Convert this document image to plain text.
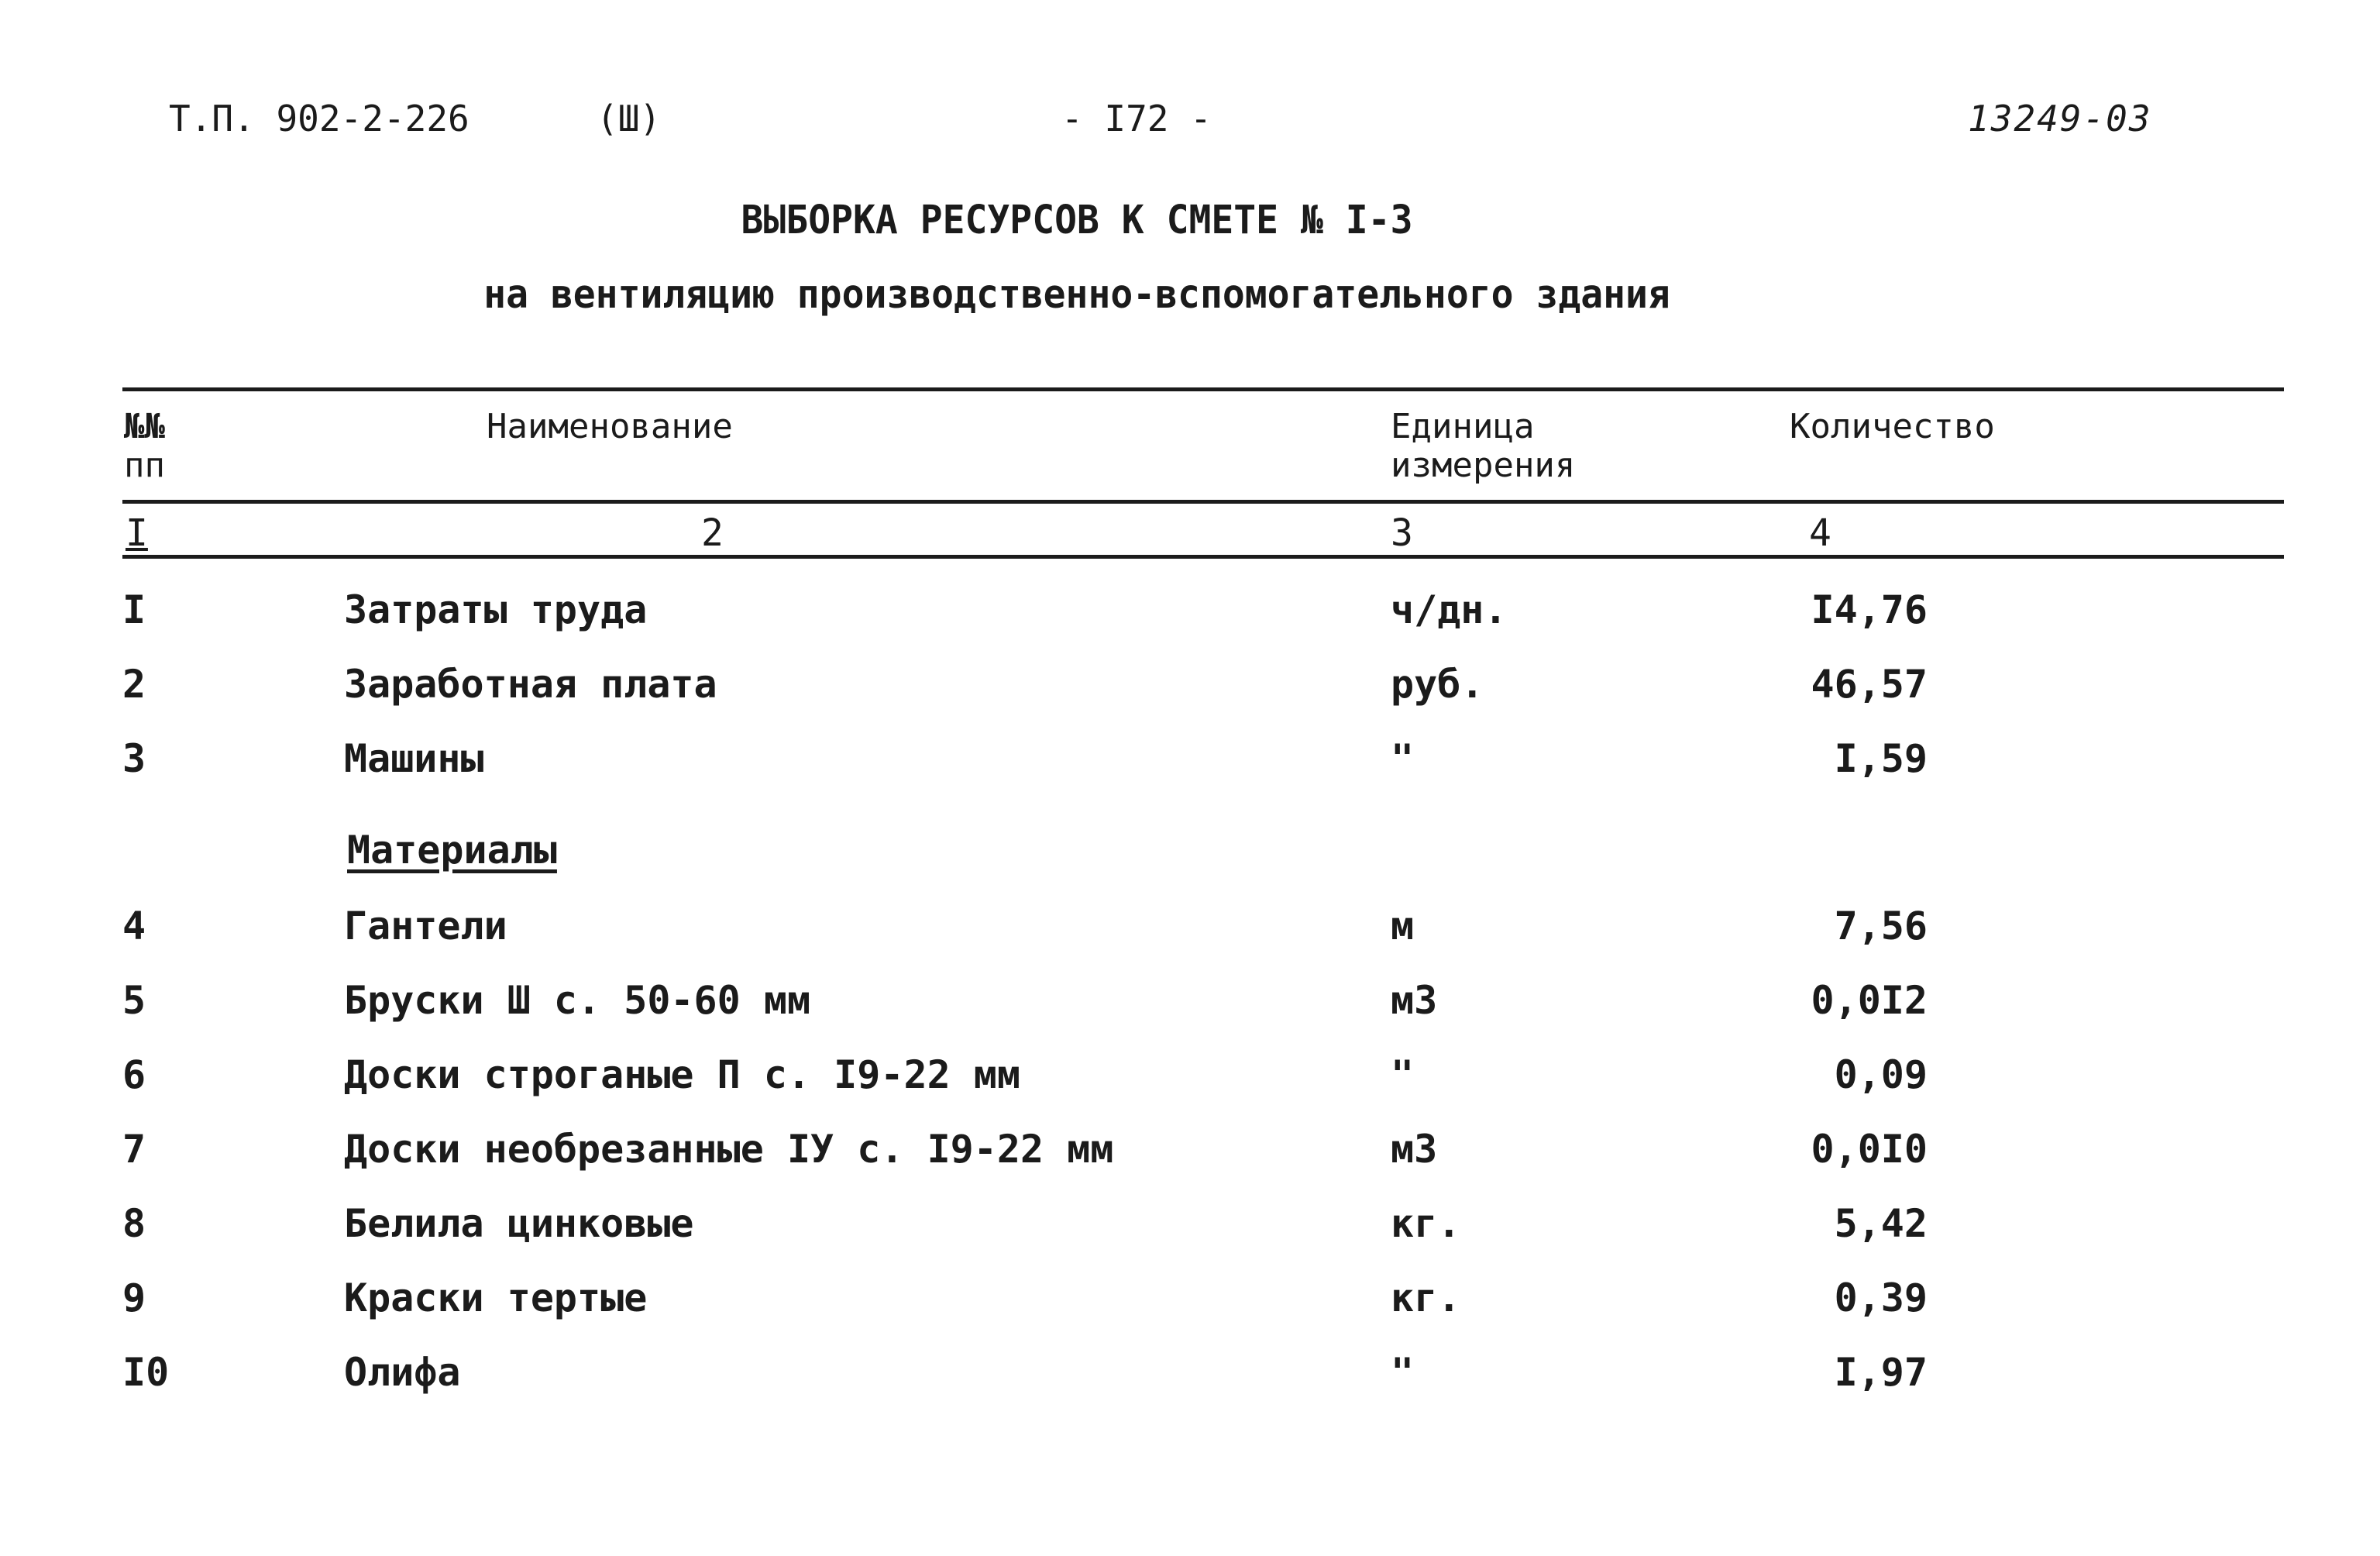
Т.П. 902-2-226	(Ш)	- I72 -	13249-03
ВЫБОРКА РЕСУРСОВ К СМЕТЕ № I-3
на вентиляцию производственно-вспомогательного здания
№№
пп
Наименование	Единица
измерения
Количество
I	2	3	4
I	Затраты труда	ч/дн.	I4,76
2	Заработная плата	руб.	46,57
3	Машины	"	I,59
Материалы
4	Гантели	м	7,56
5	Бруски Ш с. 50-60 мм	м3	0,0I2
6	Доски строганые П с. I9-22 мм	"	0,09
7	Доски необрезанные IУ с. I9-22 мм	м3	0,0I0
8	Белила цинковые	кг.	5,42
9	Краски тертые	кг.	0,39
I0	Олифа	"	I,97
